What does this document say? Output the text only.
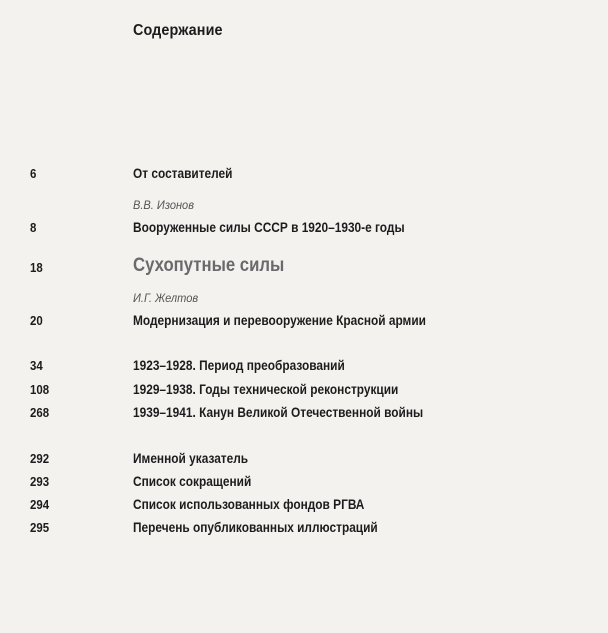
Содержание
6	От составителей
В.В. Изонов
8	Вооруженные силы СССР в 1920–1930-е годы
18	Сухопутные силы
И.Г. Желтов
20	Модернизация и перевооружение Красной армии
34	1923–1928. Период преобразований
108	1929–1938. Годы технической реконструкции
268	1939–1941. Канун Великой Отечественной войны
292	Именной указатель
293	Список сокращений
294	Список использованных фондов РГВА
295	Перечень опубликованных иллюстраций
